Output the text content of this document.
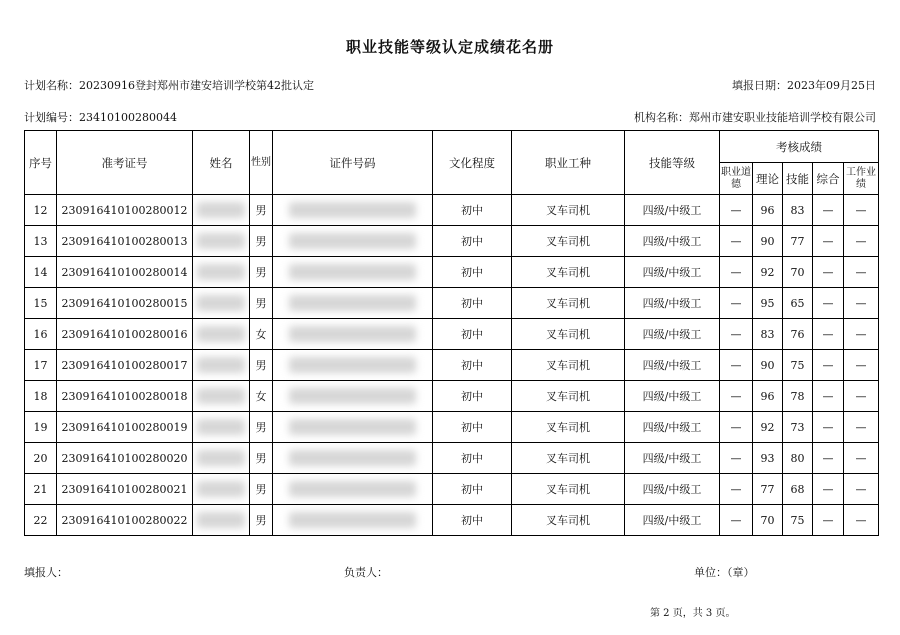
职业技能等级认定成绩花名册
计划名称：20230916登封郑州市建安培训学校第42批认定	填报日期：2023年09月25日
计划编号：23410100280044	机构名称：郑州市建安职业技能培训学校有限公司
序号	准考证号	姓名	性别	证件号码	文化程度	职业工种	技能等级	考核成绩				
								职业道德	理论	技能	综合	工作业绩
12	230916410100280012		男		初中	叉车司机	四级/中级工	—	96	83	—	—
13	230916410100280013		男		初中	叉车司机	四级/中级工	—	90	77	—	—
14	230916410100280014		男		初中	叉车司机	四级/中级工	—	92	70	—	—
15	230916410100280015		男		初中	叉车司机	四级/中级工	—	95	65	—	—
16	230916410100280016		女		初中	叉车司机	四级/中级工	—	83	76	—	—
17	230916410100280017		男		初中	叉车司机	四级/中级工	—	90	75	—	—
18	230916410100280018		女		初中	叉车司机	四级/中级工	—	96	78	—	—
19	230916410100280019		男		初中	叉车司机	四级/中级工	—	92	73	—	—
20	230916410100280020		男		初中	叉车司机	四级/中级工	—	93	80	—	—
21	230916410100280021		男		初中	叉车司机	四级/中级工	—	77	68	—	—
22	230916410100280022		男		初中	叉车司机	四级/中级工	—	70	75	—	—
填报人：	负责人：	单位：（章）
第 2 页，共 3 页。
